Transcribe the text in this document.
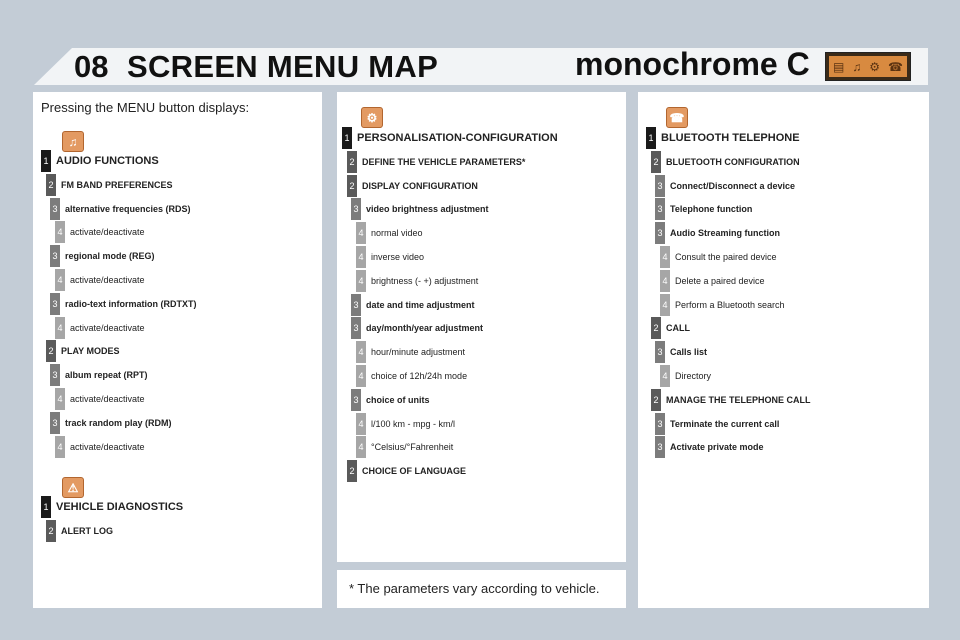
08 SCREEN MENU MAP	monochrome C ▤ ♫ ⚙ ☎
Pressing the MENU button displays:
* The parameters vary according to vehicle.
♫
⚠
⚙	☎
1 AUDIO FUNCTIONS
2 FM BAND PREFERENCES
3 alternative frequencies (RDS)
4 activate/deactivate
3 regional mode (REG)
4 activate/deactivate
3 radio-text information (RDTXT)
4 activate/deactivate
2 PLAY MODES
3 album repeat (RPT)
4 activate/deactivate
3 track random play (RDM)
4 activate/deactivate
1 VEHICLE DIAGNOSTICS
2 ALERT LOG
1 PERSONALISATION-CONFIGURATION
2 DEFINE THE VEHICLE PARAMETERS*
2 DISPLAY CONFIGURATION
3 video brightness adjustment
4 normal video
4 inverse video
4 brightness (- +) adjustment
3 date and time adjustment
3 day/month/year adjustment
4 hour/minute adjustment
4 choice of 12h/24h mode
3 choice of units
4 l/100 km - mpg - km/l
4 °Celsius/°Fahrenheit
2 CHOICE OF LANGUAGE
1 BLUETOOTH TELEPHONE
2 BLUETOOTH CONFIGURATION
3 Connect/Disconnect a device
3 Telephone function
3 Audio Streaming function
4 Consult the paired device
4 Delete a paired device
4 Perform a Bluetooth search
2 CALL
3 Calls list
4 Directory
2 MANAGE THE TELEPHONE CALL
3 Terminate the current call
3 Activate private mode
